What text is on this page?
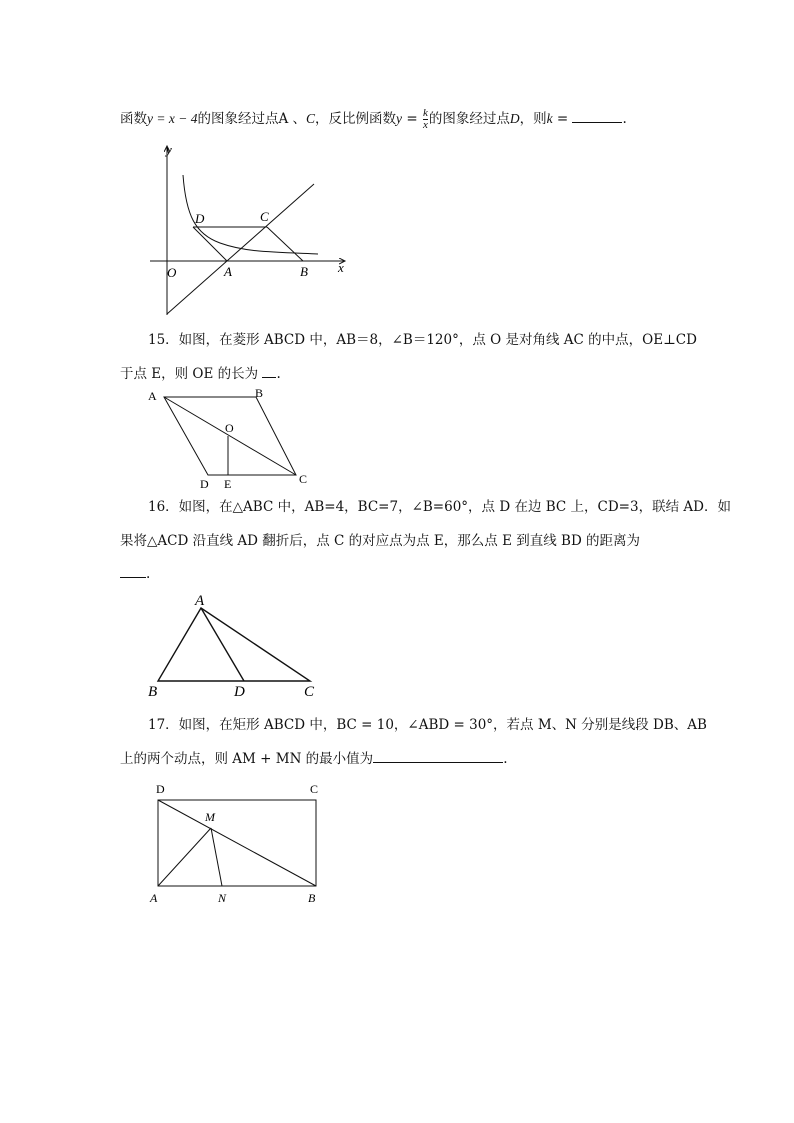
函数y = x − 4的图象经过点A 、C，反比例函数$y = \frac{k}{x}$ 的图象经过点D，则k =	.
y
x
O	A	B
C
D
15．如图，在菱形 ABCD 中，AB＝8，∠B＝120°，点 O 是对角线 AC 的中点，OE⊥CD
于点 E，则 OE 的长为 .
A	B
C
D
O
E
16．如图，在△ABC 中，AB=4，BC=7，∠B=60°，点 D 在边 BC 上，CD=3，联结 AD．如
果将△ACD 沿直线 AD 翻折后，点 C 的对应点为点 E，那么点 E 到直线 BD 的距离为
.
A
B	D	C
17．如图，在矩形 ABCD 中，BC = 10，∠ABD = 30°，若点 M、N 分别是线段 DB、AB
上的两个动点，则 AM + MN 的最小值为	.
D	C
A	B
M
N
